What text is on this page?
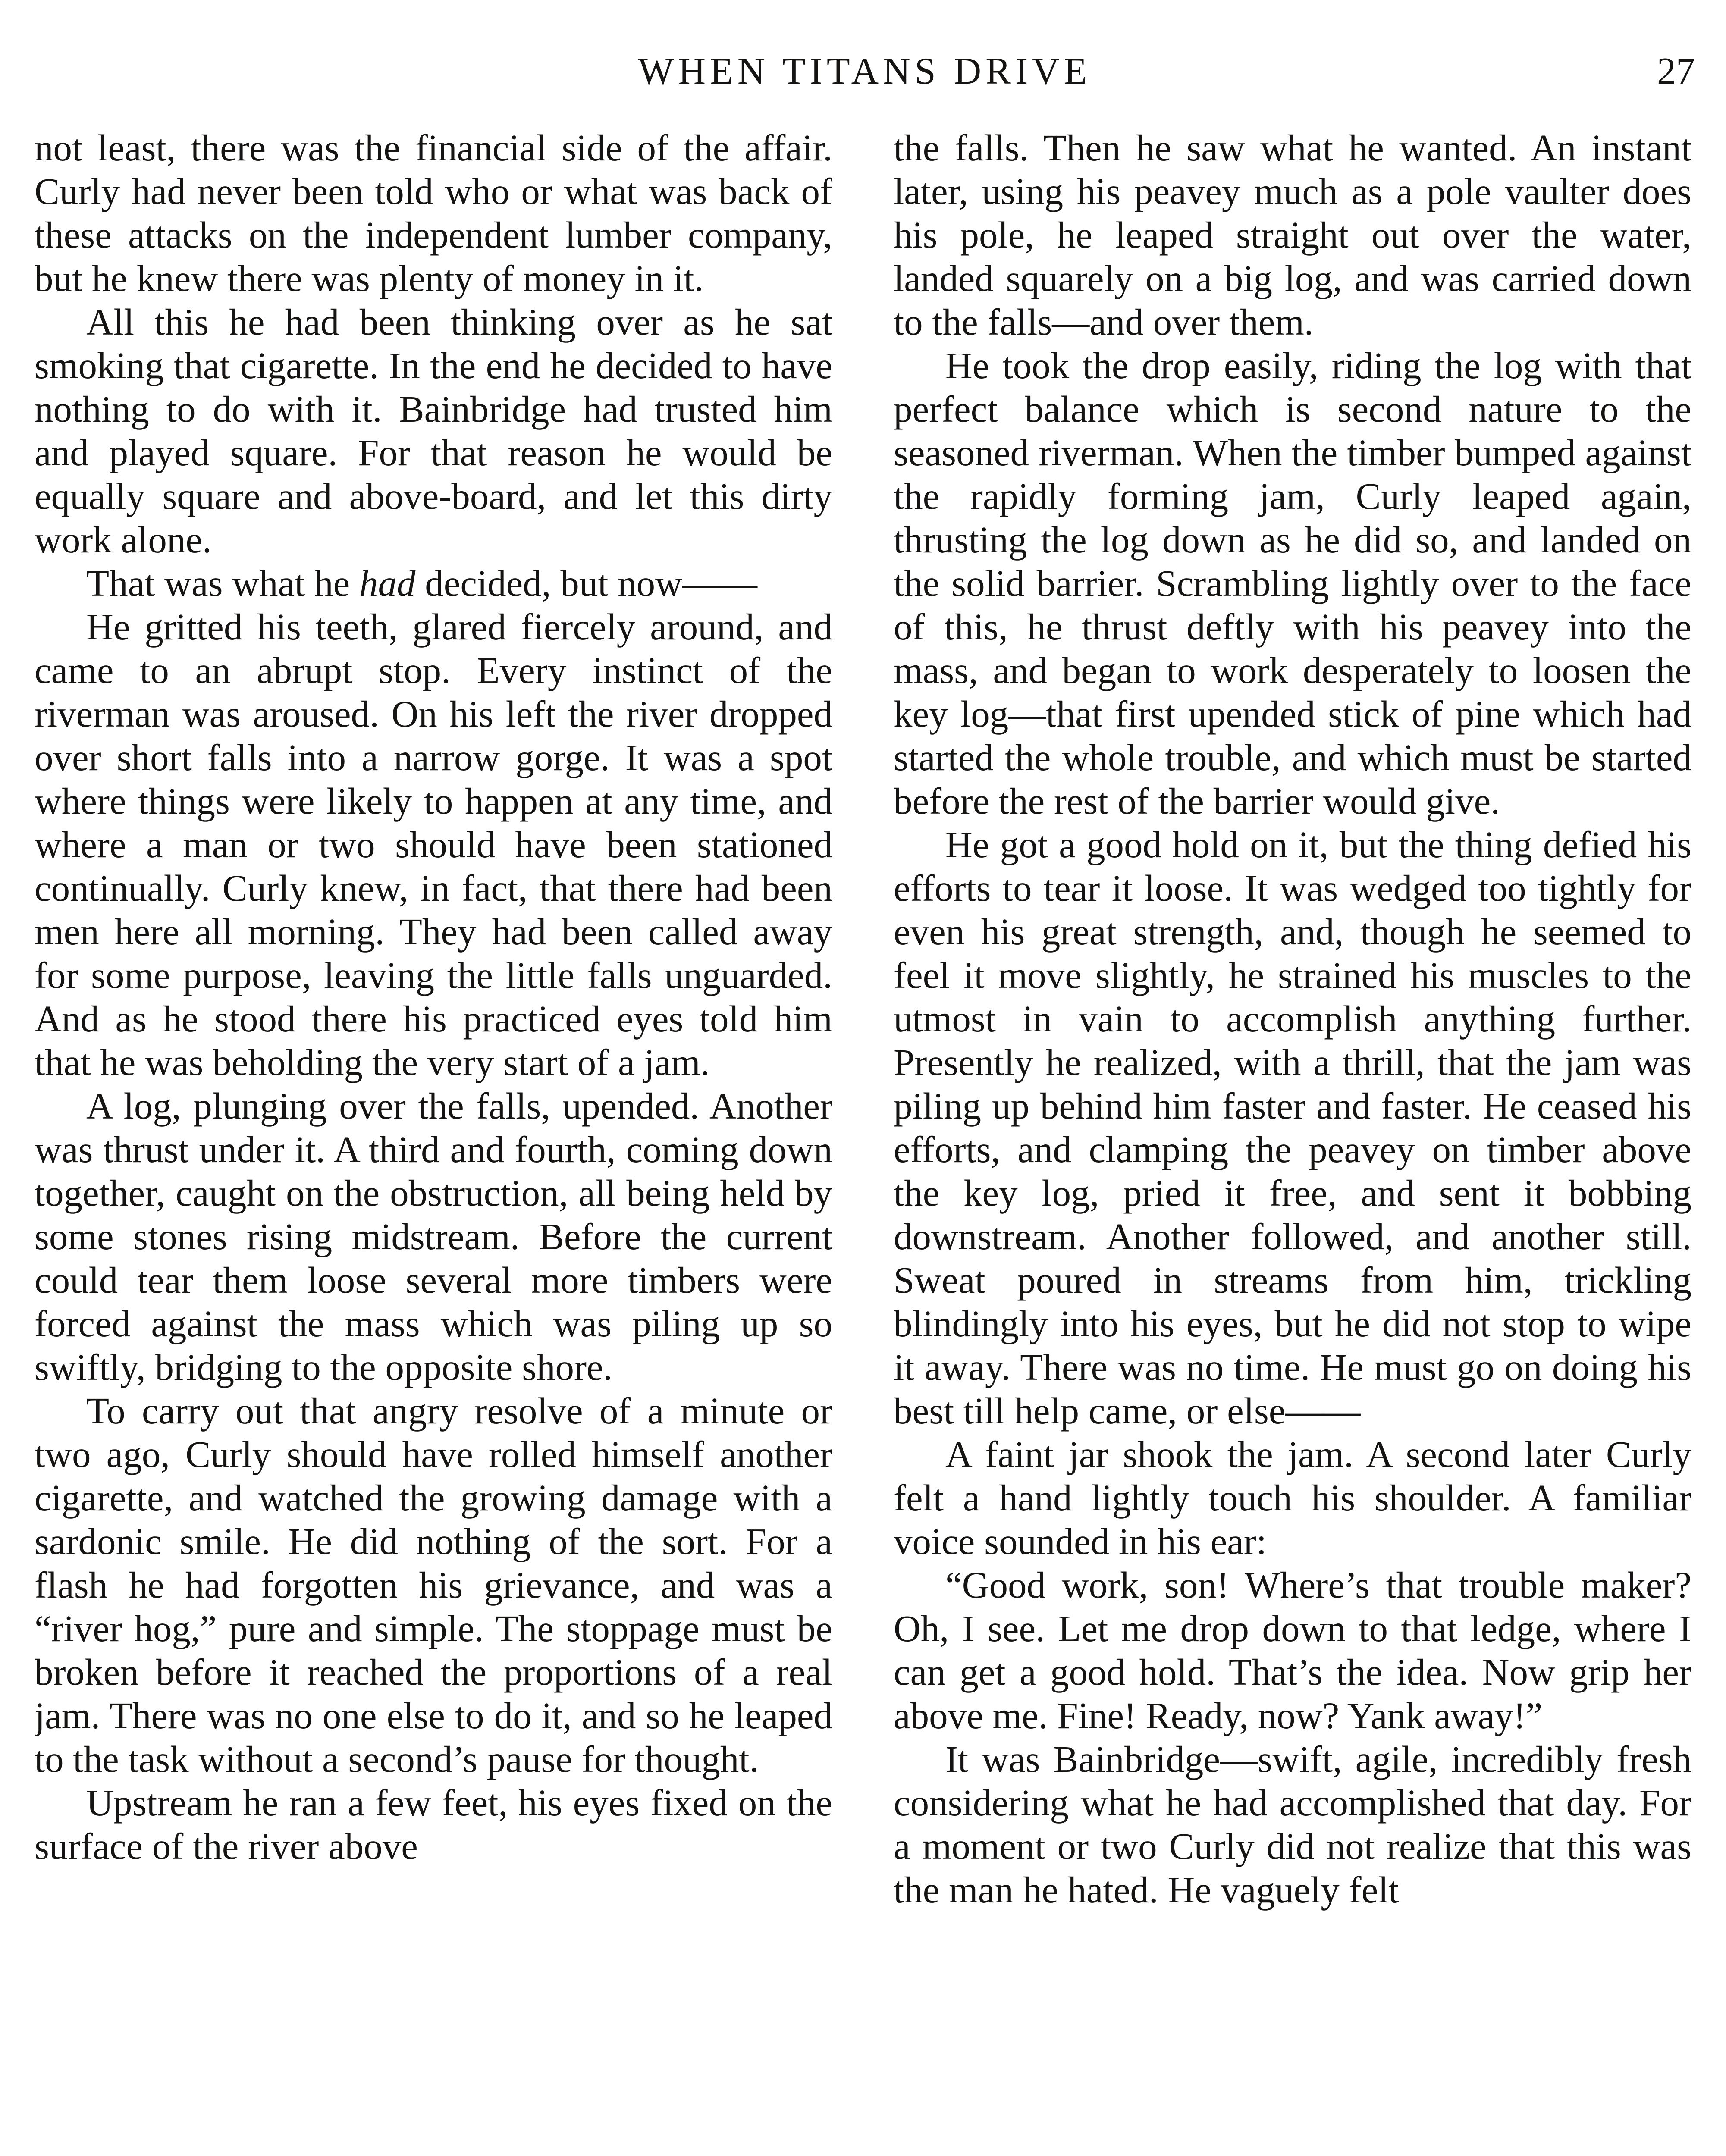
WHEN TITANS DRIVE	27

not least, there was the financial side of the affair. Curly had never been told who or what was back of these attacks on the independent lumber company, but he knew there was plenty of money in it.

All this he had been thinking over as he sat smoking that cigarette. In the end he decided to have nothing to do with it. Bainbridge had trusted him and played square. For that reason he would be equally square and above-board, and let this dirty work alone.

That was what he had decided, but now——

He gritted his teeth, glared fiercely around, and came to an abrupt stop. Every instinct of the riverman was aroused. On his left the river dropped over short falls into a narrow gorge. It was a spot where things were likely to happen at any time, and where a man or two should have been stationed continually. Curly knew, in fact, that there had been men here all morning. They had been called away for some purpose, leaving the little falls unguarded. And as he stood there his practiced eyes told him that he was beholding the very start of a jam.

A log, plunging over the falls, upended. Another was thrust under it. A third and fourth, coming down together, caught on the obstruction, all being held by some stones rising midstream. Before the current could tear them loose several more timbers were forced against the mass which was piling up so swiftly, bridging to the opposite shore.

To carry out that angry resolve of a minute or two ago, Curly should have rolled himself another cigarette, and watched the growing damage with a sardonic smile. He did nothing of the sort. For a flash he had forgotten his grievance, and was a “river hog,” pure and simple. The stoppage must be broken before it reached the proportions of a real jam. There was no one else to do it, and so he leaped to the task without a second’s pause for thought.

Upstream he ran a few feet, his eyes fixed on the surface of the river above

the falls. Then he saw what he wanted. An instant later, using his peavey much as a pole vaulter does his pole, he leaped straight out over the water, landed squarely on a big log, and was carried down to the falls—and over them.

He took the drop easily, riding the log with that perfect balance which is second nature to the seasoned riverman. When the timber bumped against the rapidly forming jam, Curly leaped again, thrusting the log down as he did so, and landed on the solid barrier. Scrambling lightly over to the face of this, he thrust deftly with his peavey into the mass, and began to work desperately to loosen the key log—that first upended stick of pine which had started the whole trouble, and which must be started before the rest of the barrier would give.

He got a good hold on it, but the thing defied his efforts to tear it loose. It was wedged too tightly for even his great strength, and, though he seemed to feel it move slightly, he strained his muscles to the utmost in vain to accomplish anything further. Presently he realized, with a thrill, that the jam was piling up behind him faster and faster. He ceased his efforts, and clamping the peavey on timber above the key log, pried it free, and sent it bobbing downstream. Another followed, and another still. Sweat poured in streams from him, trickling blindingly into his eyes, but he did not stop to wipe it away. There was no time. He must go on doing his best till help came, or else——

A faint jar shook the jam. A second later Curly felt a hand lightly touch his shoulder. A familiar voice sounded in his ear:

“Good work, son! Where’s that trouble maker? Oh, I see. Let me drop down to that ledge, where I can get a good hold. That’s the idea. Now grip her above me. Fine! Ready, now? Yank away!”

It was Bainbridge—swift, agile, incredibly fresh considering what he had accomplished that day. For a moment or two Curly did not realize that this was the man he hated. He vaguely felt
